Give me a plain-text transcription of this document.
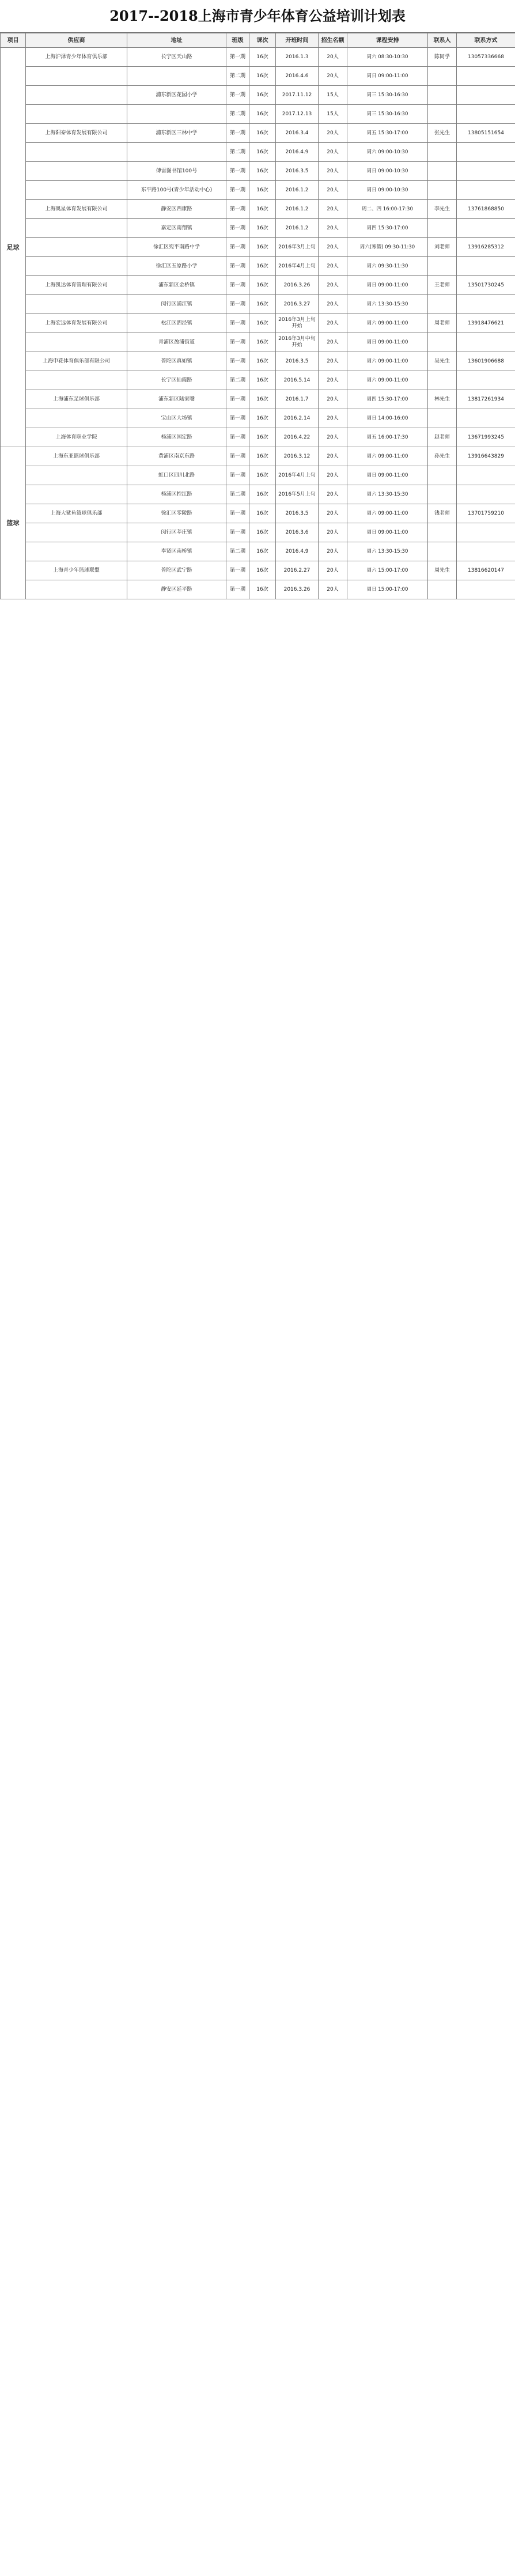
2017--2018上海市青少年体育公益培训计划表
项目	供应商	地址	班级	课次	开班时间	招生名额	课程安排	联系人	联系方式
足球	上海沪泽青少年体育俱乐部	长宁区天山路	第一期	16次	2016.1.3	20人	周六 08:30-10:30	陈同学	13057336668
			第二期	16次	2016.4.6	20人	周日 09:00-11:00		
		浦东新区花园小学	第一期	16次	2017.11.12	15人	周三 15:30-16:30		
			第二期	16次	2017.12.13	15人	周三 15:30-16:30		
	上海阳泰体育发展有限公司	浦东新区三林中学	第一期	16次	2016.3.4	20人	周五 15:30-17:00	张先生	13805151654
			第二期	16次	2016.4.9	20人	周六 09:00-10:30		
		傅雷图书馆100号	第一期	16次	2016.3.5	20人	周日 09:00-10:30		
		东平路100号(青少年活动中心)	第一期	16次	2016.1.2	20人	周日 09:00-10:30		
	上海奥星体育发展有限公司	静安区西康路	第一期	16次	2016.1.2	20人	周二、四 16:00-17:30	李先生	13761868850
		嘉定区南翔镇	第一期	16次	2016.1.2	20人	周四 15:30-17:00		
		徐汇区宛平南路中学	第一期	16次	2016年3月上旬	20人	周六(寒假) 09:30-11:30	刘老师	13916285312
		徐汇区五原路小学	第一期	16次	2016年4月上旬	20人	周六 09:30-11:30		
	上海凯达体育管理有限公司	浦东新区金桥镇	第一期	16次	2016.3.26	20人	周日 09:00-11:00	王老师	13501730245
		闵行区浦江镇	第一期	16次	2016.3.27	20人	周六 13:30-15:30		
	上海宏远体育发展有限公司	松江区泗泾镇	第一期	16次	2016年3月上旬开始	20人	周六 09:00-11:00	周老师	13918476621
		青浦区盈浦街道	第一期	16次	2016年3月中旬开始	20人	周日 09:00-11:00		
	上海申花体育俱乐部有限公司	普陀区真如镇	第一期	16次	2016.3.5	20人	周六 09:00-11:00	吴先生	13601906688
		长宁区仙霞路	第二期	16次	2016.5.14	20人	周六 09:00-11:00		
	上海浦东足球俱乐部	浦东新区陆家嘴	第一期	16次	2016.1.7	20人	周四 15:30-17:00	林先生	13817261934
		宝山区大场镇	第一期	16次	2016.2.14	20人	周日 14:00-16:00		
	上海体育职业学院	杨浦区国定路	第一期	16次	2016.4.22	20人	周五 16:00-17:30	赵老师	13671993245
篮球	上海东亚篮球俱乐部	黄浦区南京东路	第一期	16次	2016.3.12	20人	周六 09:00-11:00	孙先生	13916643829
		虹口区四川北路	第一期	16次	2016年4月上旬	20人	周日 09:00-11:00		
		杨浦区控江路	第二期	16次	2016年5月上旬	20人	周六 13:30-15:30		
	上海大鲨鱼篮球俱乐部	徐汇区零陵路	第一期	16次	2016.3.5	20人	周六 09:00-11:00	钱老师	13701759210
		闵行区莘庄镇	第一期	16次	2016.3.6	20人	周日 09:00-11:00		
		奉贤区南桥镇	第二期	16次	2016.4.9	20人	周六 13:30-15:30		
	上海青少年篮球联盟	普陀区武宁路	第一期	16次	2016.2.27	20人	周六 15:00-17:00	周先生	13816620147
		静安区延平路	第一期	16次	2016.3.26	20人	周日 15:00-17:00		
